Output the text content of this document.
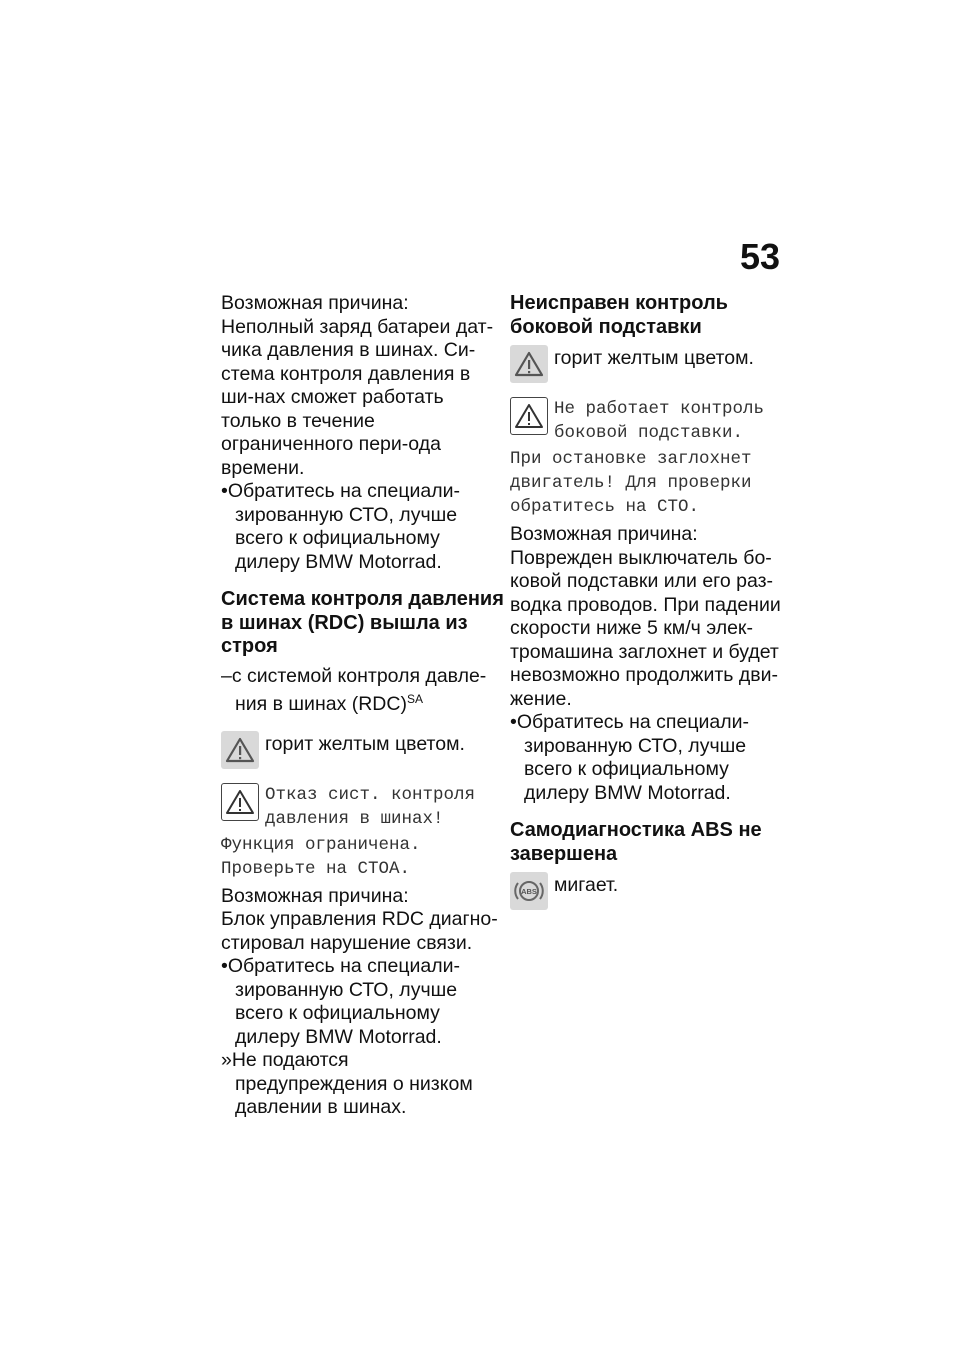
53

Возможная причина:

Неполный заряд батареи дат-чика давления в шинах. Си-стема контроля давления в ши-нах сможет работать только в течение ограниченного пери-ода времени.

•Обратитесь на специали-зированную СТО, лучше всего к официальному дилеру BMW Motorrad.

Система контроля давления в шинах (RDC) вышла из строя

–с системой контроля давле-ния в шинах (RDC)$^{SA}$

горит желтым цветом.
Отказ сист. контроля
давления в шинах!
Функция ограничена.
Проверьте на СТОА.

Возможная причина:

Блок управления RDC диагно-стировал нарушение связи.

•Обратитесь на специали-зированную СТО, лучше всего к официальному дилеру BMW Motorrad.

»Не подаются предупреждения о низком давлении в шинах.

Неисправен контроль боковой подставки
горит желтым цветом.
Не работает контроль
боковой подставки.
При остановке заглохнет
двигатель! Для проверки
обратитесь на СТО.

Возможная причина:

Поврежден выключатель бо-ковой подставки или его раз-водка проводов. При падении скорости ниже 5 км/ч элек-тромашина заглохнет и будет невозможно продолжить дви-жение.

•Обратитесь на специали-зированную СТО, лучше всего к официальному дилеру BMW Motorrad.

Самодиагностика ABS не завершена
ABS мигает.
